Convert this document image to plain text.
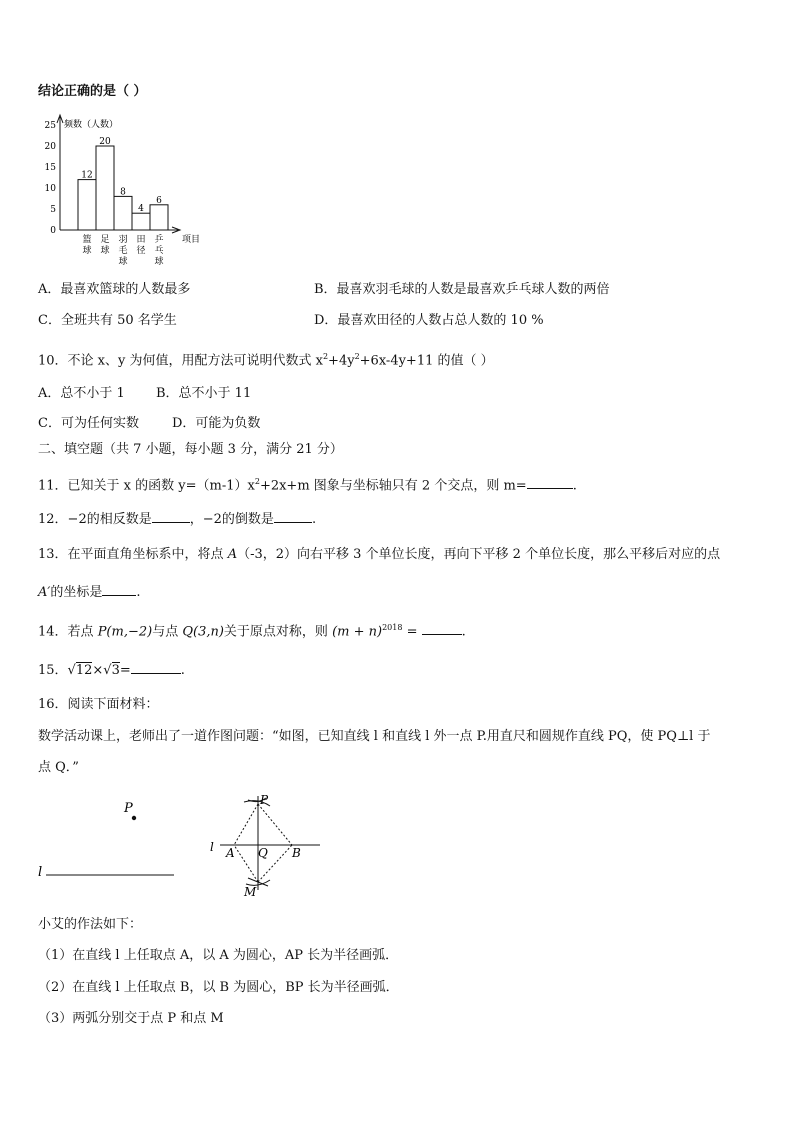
结论正确的是（ ）
频数（人数）
项目
0
5
10
15
20
25
12
篮
球
20
足
球
8
羽
毛
球
4
田
径
6
乒
乓
球
A．最喜欢篮球的人数最多	B．最喜欢羽毛球的人数是最喜欢乒乓球人数的两倍
C．全班共有 50 名学生	D．最喜欢田径的人数占总人数的 10 %
10．不论 x、y 为何值，用配方法可说明代数式 $x^2+4y^2+6x-4y+11$ 的值（ ）
A．总不小于 1 B．总不小于 11
C．可为任何实数	D．可能为负数
二、填空题（共 7 小题，每小题 3 分，满分 21 分）
11．已知关于 x 的函数 $y=(m-1)x^2+2x+m$ 图象与坐标轴只有 2 个交点，则 m=	.
12．−2的相反数是	，−2的倒数是	.
13．在平面直角坐标系中，将点 A（-3，2）向右平移 3 个单位长度，再向下平移 2 个单位长度，那么平移后对应的点
A′的坐标是	.
14．若点 P(m,−2)与点 Q(3,n)关于原点对称，则 $(m + n)^{2018}$ =	.
15．√12×√3=	.
16．阅读下面材料：
数学活动课上，老师出了一道作图问题：“如图，已知直线 l 和直线 l 外一点 P.用直尺和圆规作直线 PQ，使 PQ⊥l 于
点 Q．”
P
l
l A Q B
P
M
小艾的作法如下：
（1）在直线 l 上任取点 A，以 A 为圆心，AP 长为半径画弧．
（2）在直线 l 上任取点 B，以 B 为圆心，BP 长为半径画弧．
（3）两弧分别交于点 P 和点 M
